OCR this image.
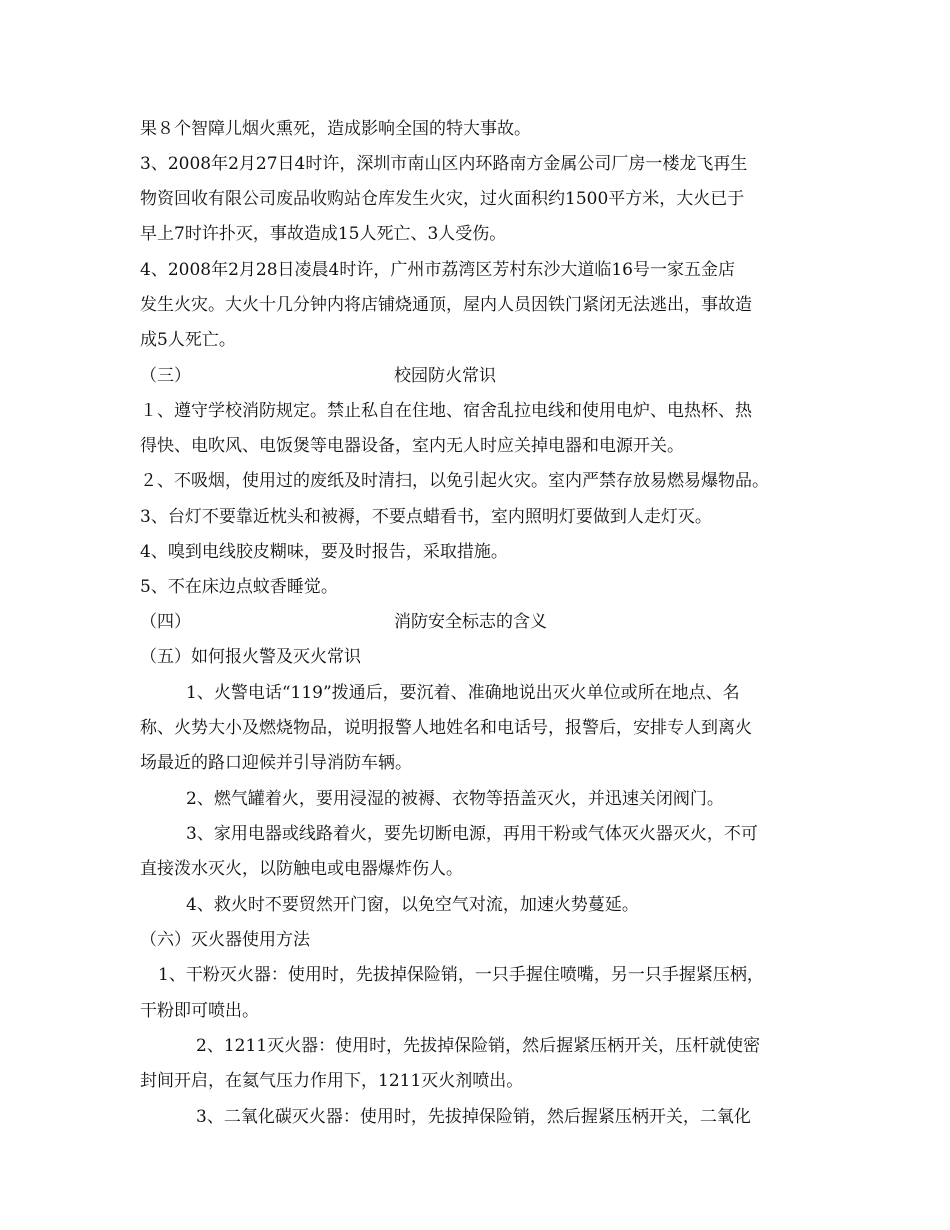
果８个智障儿烟火熏死，造成影响全国的特大事故。
3、2008年2月27日4时许，深圳市南山区内环路南方金属公司厂房一楼龙飞再生
物资回收有限公司废品收购站仓库发生火灾，过火面积约1500平方米，大火已于
早上7时许扑灭，事故造成15人死亡、3人受伤。
4、2008年2月28日凌晨4时许，广州市荔湾区芳村东沙大道临16号一家五金店
发生火灾。大火十几分钟内将店铺烧通顶，屋内人员因铁门紧闭无法逃出，事故造
成5人死亡。
（三）	校园防火常识
１、遵守学校消防规定。禁止私自在住地、宿舍乱拉电线和使用电炉、电热杯、热
得快、电吹风、电饭煲等电器设备，室内无人时应关掉电器和电源开关。
２、不吸烟，使用过的废纸及时清扫，以免引起火灾。室内严禁存放易燃易爆物品。
3、台灯不要靠近枕头和被褥，不要点蜡看书，室内照明灯要做到人走灯灭。
4、嗅到电线胶皮糊味，要及时报告，采取措施。
5、不在床边点蚊香睡觉。
（四）	消防安全标志的含义
（五）如何报火警及灭火常识
1、火警电话“119”拨通后，要沉着、准确地说出灭火单位或所在地点、名
称、火势大小及燃烧物品，说明报警人地姓名和电话号，报警后，安排专人到离火
场最近的路口迎候并引导消防车辆。
2、燃气罐着火，要用浸湿的被褥、衣物等捂盖灭火，并迅速关闭阀门。
3、家用电器或线路着火，要先切断电源，再用干粉或气体灭火器灭火，不可
直接泼水灭火，以防触电或电器爆炸伤人。
4、救火时不要贸然开门窗，以免空气对流，加速火势蔓延。
（六）灭火器使用方法
1、干粉灭火器：使用时，先拔掉保险销，一只手握住喷嘴，另一只手握紧压柄，
干粉即可喷出。
2、1211灭火器：使用时，先拔掉保险销，然后握紧压柄开关，压杆就使密
封间开启，在氦气压力作用下，1211灭火剂喷出。
3、二氧化碳灭火器：使用时，先拔掉保险销，然后握紧压柄开关，二氧化
